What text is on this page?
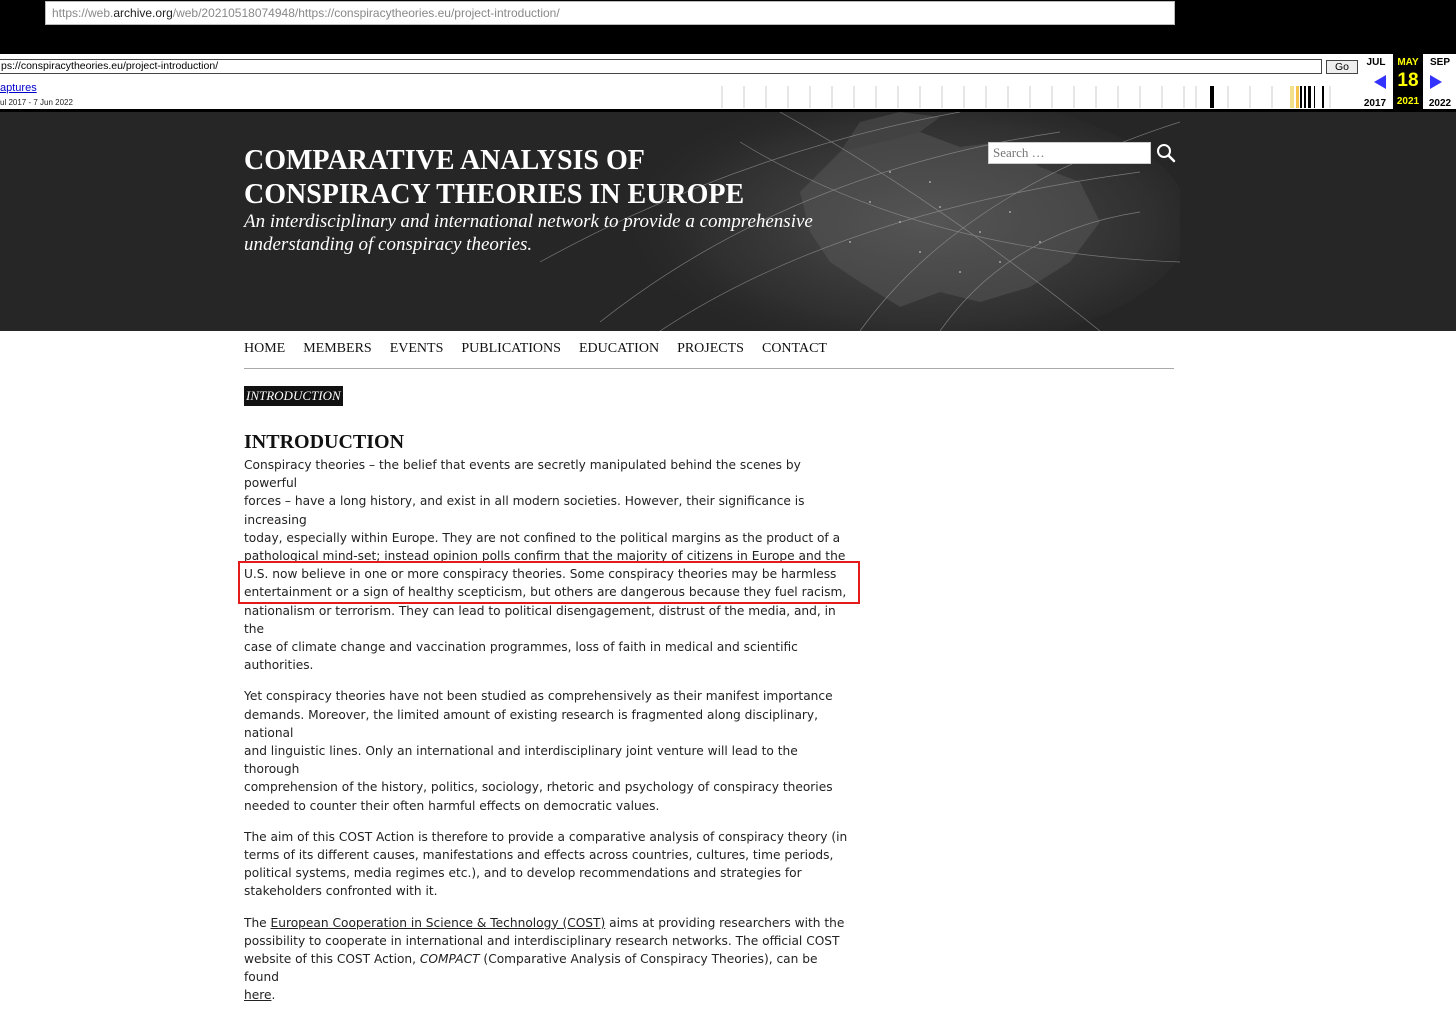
https://web.archive.org/web/20210518074948/https://conspiracytheories.eu/project-introduction/
ps://conspiracytheories.eu/project-introduction/	Go
aptures
ul 2017 - 7 Jun 2022
JUL
2017
MAY
18
2021
SEP
2022
COMPARATIVE ANALYSIS OF
CONSPIRACY THEORIES IN EUROPE

An interdisciplinary and international network to provide a comprehensive
understanding of conspiracy theories.

Search …
HOME MEMBERS EVENTS PUBLICATIONS EDUCATION PROJECTS CONTACT
INTRODUCTION
INTRODUCTION

Conspiracy theories – the belief that events are secretly manipulated behind the scenes by powerful
forces – have a long history, and exist in all modern societies. However, their significance is increasing
today, especially within Europe. They are not confined to the political margins as the product of a
pathological mind-set; instead opinion polls confirm that the majority of citizens in Europe and the
U.S. now believe in one or more conspiracy theories. Some conspiracy theories may be harmless
entertainment or a sign of healthy scepticism, but others are dangerous because they fuel racism,
nationalism or terrorism. They can lead to political disengagement, distrust of the media, and, in the
case of climate change and vaccination programmes, loss of faith in medical and scientific authorities.

Yet conspiracy theories have not been studied as comprehensively as their manifest importance
demands. Moreover, the limited amount of existing research is fragmented along disciplinary, national
and linguistic lines. Only an international and interdisciplinary joint venture will lead to the thorough
comprehension of the history, politics, sociology, rhetoric and psychology of conspiracy theories
needed to counter their often harmful effects on democratic values.

The aim of this COST Action is therefore to provide a comparative analysis of conspiracy theory (in
terms of its different causes, manifestations and effects across countries, cultures, time periods,
political systems, media regimes etc.), and to develop recommendations and strategies for
stakeholders confronted with it.

The European Cooperation in Science & Technology (COST) aims at providing researchers with the
possibility to cooperate in international and interdisciplinary research networks. The official COST
website of this COST Action, COMPACT (Comparative Analysis of Conspiracy Theories), can be found
here.
